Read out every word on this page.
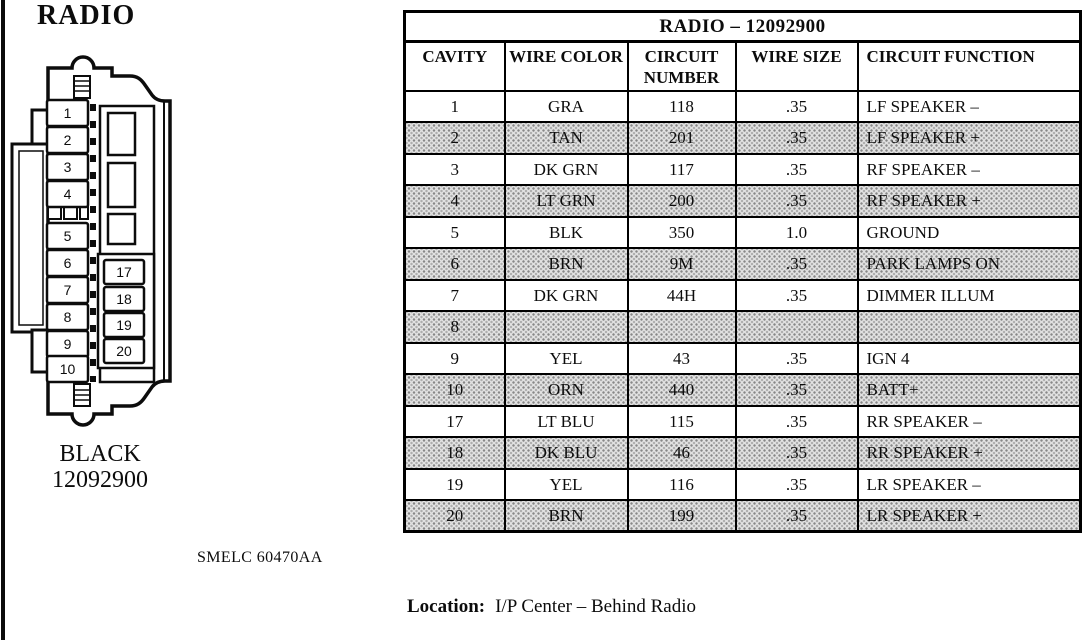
RADIO
1
2
3
4
5
6
7
8
9
10
17
18
19
20
BLACK
12092900
SMELC 60470AA
RADIO – 12092900				
CAVITY	WIRE COLOR	CIRCUIT NUMBER	WIRE SIZE	CIRCUIT FUNCTION
1	GRA	118	.35	LF SPEAKER –
2	TAN	201	.35	LF SPEAKER +
3	DK GRN	117	.35	RF SPEAKER –
4	LT GRN	200	.35	RF SPEAKER +
5	BLK	350	1.0	GROUND
6	BRN	9M	.35	PARK LAMPS ON
7	DK GRN	44H	.35	DIMMER ILLUM
8				
9	YEL	43	.35	IGN 4
10	ORN	440	.35	BATT+
17	LT BLU	115	.35	RR SPEAKER –
18	DK BLU	46	.35	RR SPEAKER +
19	YEL	116	.35	LR SPEAKER –
20	BRN	199	.35	LR SPEAKER +
Location: I/P Center – Behind Radio
